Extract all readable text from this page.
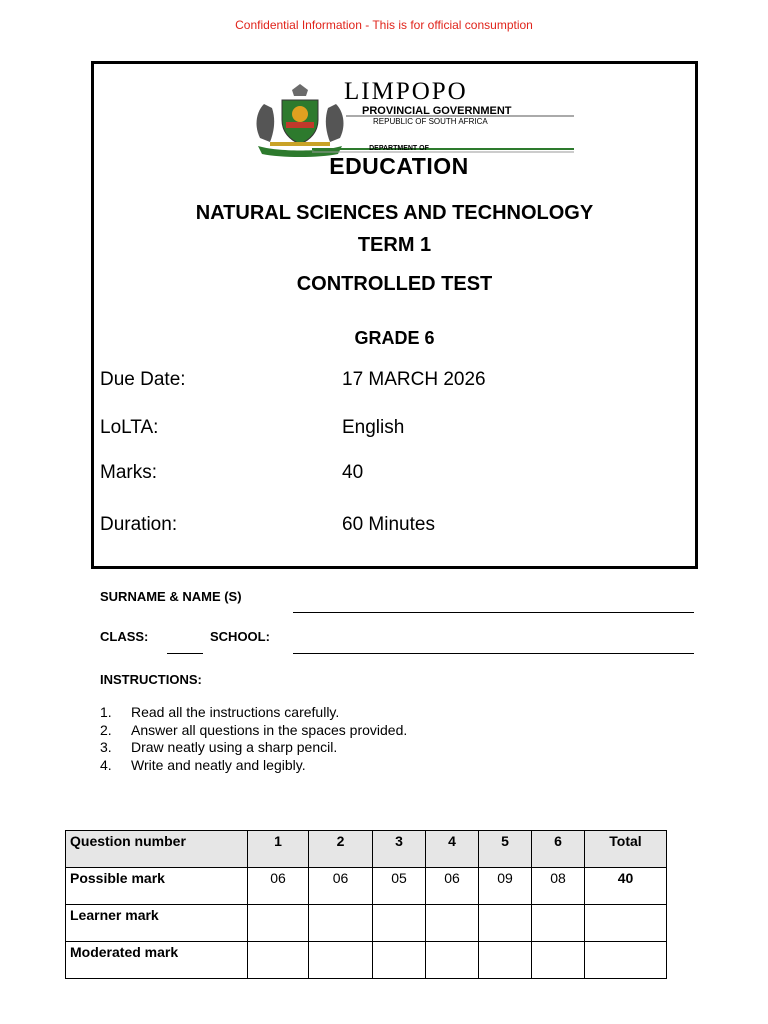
Confidential Information - This is for official consumption
LIMPOPO
PROVINCIAL GOVERNMENT
REPUBLIC OF SOUTH AFRICA
DEPARTMENT OF
EDUCATION
NATURAL SCIENCES AND TECHNOLOGY
TERM 1
CONTROLLED TEST
GRADE 6
Due Date:	17 MARCH 2026
LoLTA:	English
Marks:	40
Duration:	60 Minutes
SURNAME & NAME (S)
CLASS:	SCHOOL:
INSTRUCTIONS:
1. Read all the instructions carefully.
2. Answer all questions in the spaces provided.
3. Draw neatly using a sharp pencil.
4. Write and neatly and legibly.
Question number	1	2	3	4	5	6	Total
Possible mark	06	06	05	06	09	08	40
Learner mark							
Moderated mark							
